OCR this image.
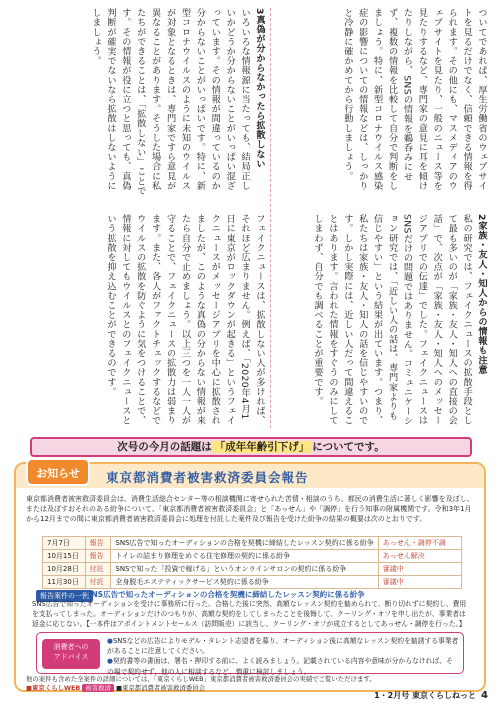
ついてであれば、厚生労働省のウェブサイトを見るだけでなく、信頼できる情報を得られます。その他にも、マスメディアのウェブサイトを見たり、一般のニュース等を見たりするなど、専門家の意見に耳を傾けたりしながら、SNSの情報を鵜呑みにせず、複数の情報を比較して自分で判断をしましょう。特に、新型コロナウイルス感染症の影響についての情報などは、しっかりと冷静に確かめてから行動しましょう。

2家族・友人・知人からの情報も注意

私の研究では、フェイクニュースの拡散手段として最も多いのが「家族・友人・知人への直接の会話」で、次点が「家族・友人・知人へのメッセージアプリでの伝達」でした。フェイクニュースはSNSだけの問題ではありません。コミュニケーション研究では、「近しい人の話は、専門家よりも信じやすい」という結果が出ています。つまり、私たちは家族・友人・知人の話を信じやすいのです。しかし実際には、近しい人だって間違えることはあります。言われた情報をすぐうのみにしてしまわず、自分でも調べることが重要です。

3真偽が分からなかったら拡散しない

いろいろな情報源に当たっても、結局正しいかどうか分からないことがいっぱい混ざっています。その情報が間違っているのか分からないことがいっぱいです。特に、新型コロナウイルスのように未知のウイルスが対象となるときは、専門家ですら意見が異なることがあります。そうした場合に私たちができることは、「拡散しない」ことです。その情報が役に立つと思っても、真偽判断が確実でないなら拡散はしないようにしましょう。

フェイクニュースは、拡散しない人が多ければ、それほど広まりません。例えば、「2020年4月1日に東京がロックダウンが起きる」というフェイクニュースがメッセージアプリを中心に拡散されましたが、このような真偽の分からない情報が来たら自分で止めましょう。以上三つを一人一人が守ることで、フェイクニュースの拡散力は弱まります。また、各人がファクトチェックするなどでウイルスの拡散を防ぐように気をつけることで、情報に対してもウイルスとのフェイクニュースという拡散を抑え込むことができるのです。

次号の今月の話題は 「成年年齢引下げ」 についてです。
お知らせ	東京都消費者被害救済委員会報告
東京都消費者被害救済委員会は、消費生活総合センター等の相談機関に寄せられた苦情・相談のうち、都民の消費生活に著しく影響を及ぼし、または及ぼすおそれのある紛争について、「東京都消費者被害救済委員会」と「あっせん」や「調停」を行う知事の附属機関です。令和3年1月から12月までの間に東京都消費者被害救済委員会に処理を付託した案件及び報告を受けた紛争の結果の概要は次のとおりです。
7月7日	報告	SNS広告で知ったオーディションの合格を契機に締結したレッスン契約に係る紛争	あっせん・調停不調
10月15日	報告	トイレの詰まり修理をめぐる住宅修理の契約に係る紛争	あっせん解決
10月28日	付託	SNSで知った「投資で稼げる」というオンラインサロンの契約に係る紛争	審議中
11月30日	付託	全身脱毛エステティックサービス契約に係る紛争	審議中
報告案件の一例
SNS広告で知ったオーディションの合格を契機に締結したレッスン契約に係る紛争
SNS広告で知ったオーディションを受けに事務所に行った。合格した後に突然、高額なレッスン契約を勧められて、断り切れずに契約し、費用を支払ってしまった。オーディションだけのつもりが、高額な契約をしてしまったことを後悔して、クーリング・オフを申し出たが、事業者は返金に応じない。【一本件はアポイントメントセールス（訪問販売）に該当し、クーリング・オフが成立するとしてあっせん・調停を行った。】
消費者への
アドバイス
●SNSなどの広告によりモデル・タレント志望者を募り、オーディション後に高額なレッスン契約を勧誘する事業者があることに注意してください。
●契約書等の書面は、署名・押印する前に、よく読みましょう。記載されている内容や意味が分からなければ、その場で契約せず、他の人に相談するなど、慎重に検討しましょう。
他の案件も含めた全案件の詳細については、「東京くらしWEB」東京都消費者被害救済委員会の実績でご覧いただけます。
■東京くらしWEB 被害救済 ■東京都消費者被害救済委員会
1・2月号 東京くらしねっと 4
